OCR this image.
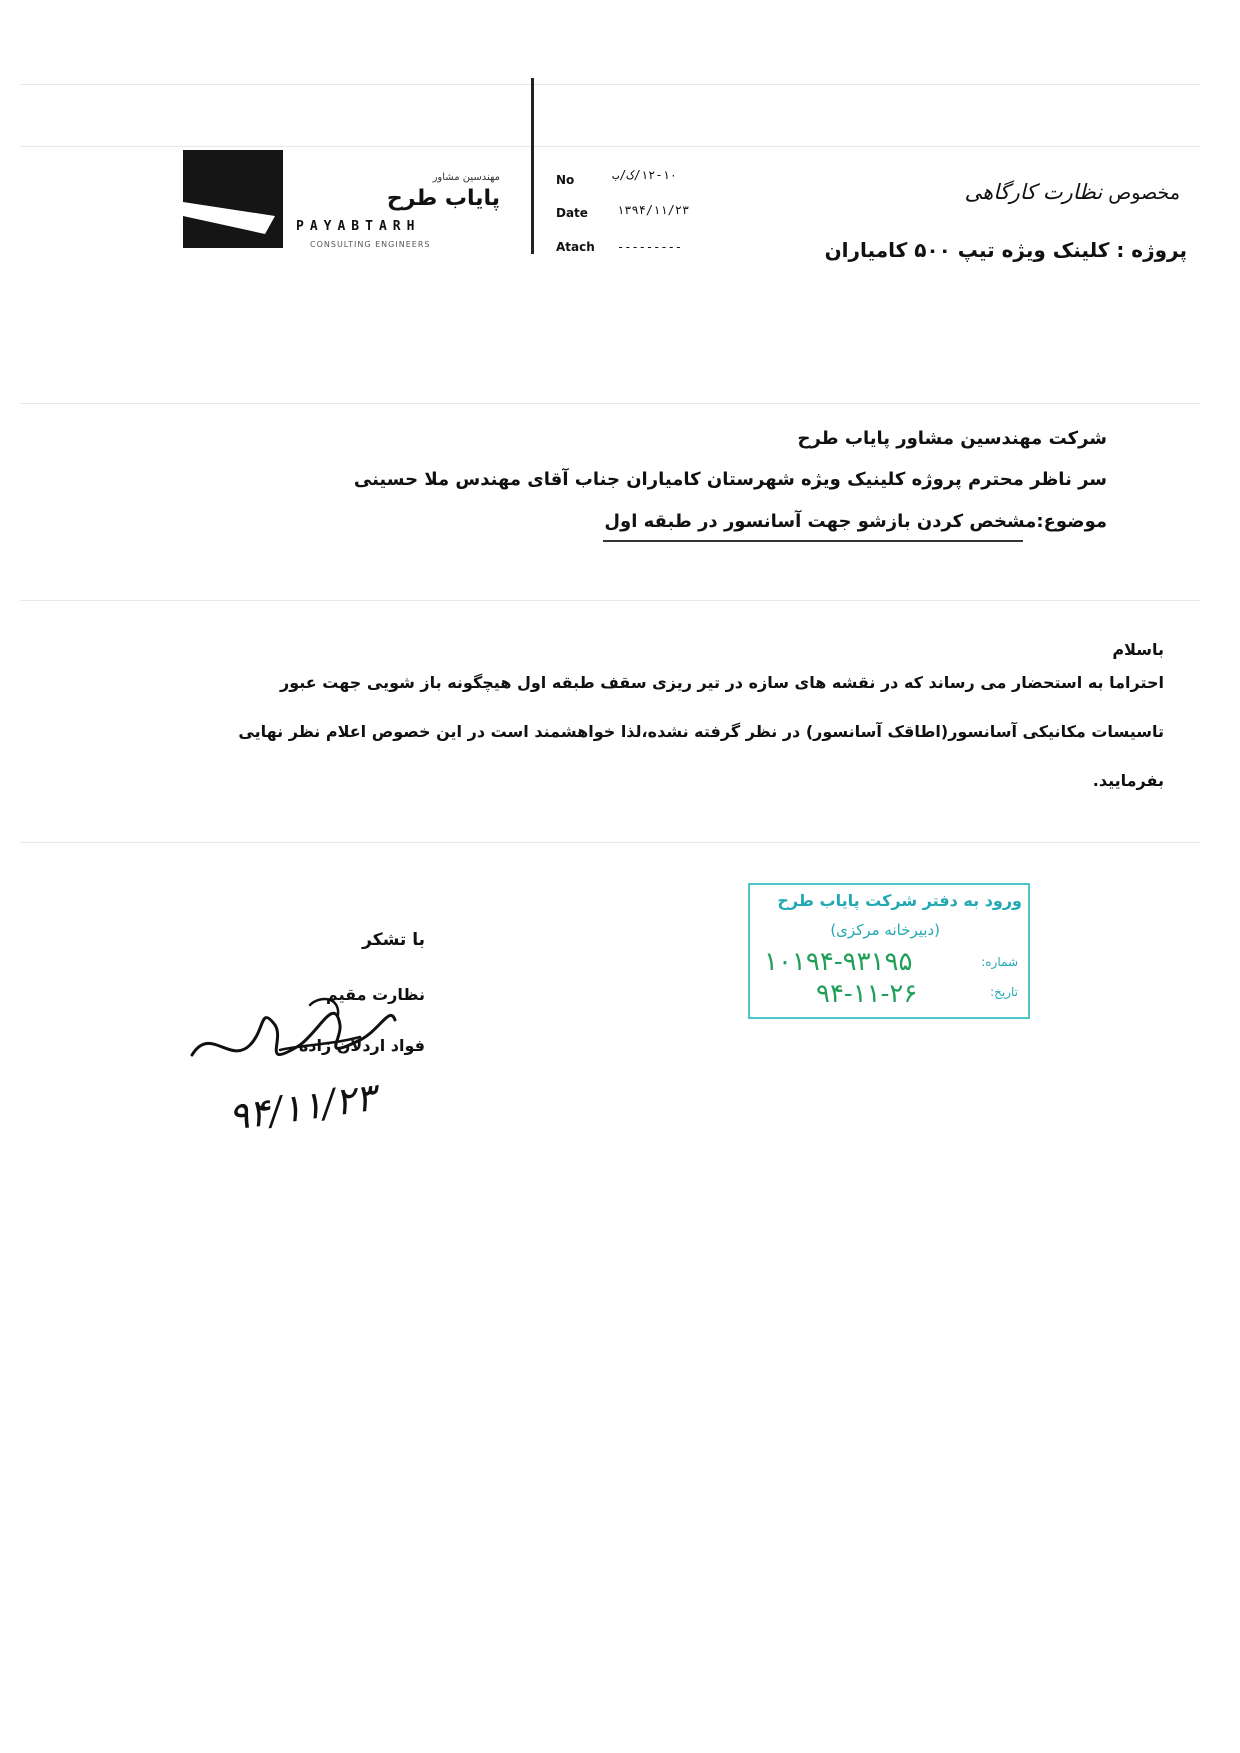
مهندسین مشاور
پایاب طرح
PAYABTARH
CONSULTING ENGINEERS
No	۱۲-۱۰/ک/ب
Date ۱۳۹۴/۱۱/۲۳
Atach ---------
مخصوص نظارت کارگاهی
پروژه : کلینک ویژه تیپ ۵۰۰ کامیاران
شرکت مهندسین مشاور پایاب طرح
سر ناظر محترم پروژه کلینیک ویژه شهرستان کامیاران جناب آقای مهندس ملا حسینی
موضوع:مشخص کردن بازشو جهت آسانسور در طبقه اول
باسلام
احتراما به استحضار می رساند که در نقشه های سازه در تیر ریزی سقف طبقه اول هیچگونه باز شویی جهت عبور
تاسیسات مکانیکی آسانسور(اطاقک آسانسور) در نظر گرفته نشده،لذا خواهشمند است در این خصوص اعلام نظر نهایی
بفرمایید.
ورود به دفتر شرکت پایاب طرح
(دبیرخانه مرکزی)
شماره:
۱۰۱۹۴-۹۳۱۹۵
تاریخ:
۹۴-۱۱-۲۶
با تشکر
نظارت مقیم
فواد اردلان زاده
۹۴/۱۱/۲۳
